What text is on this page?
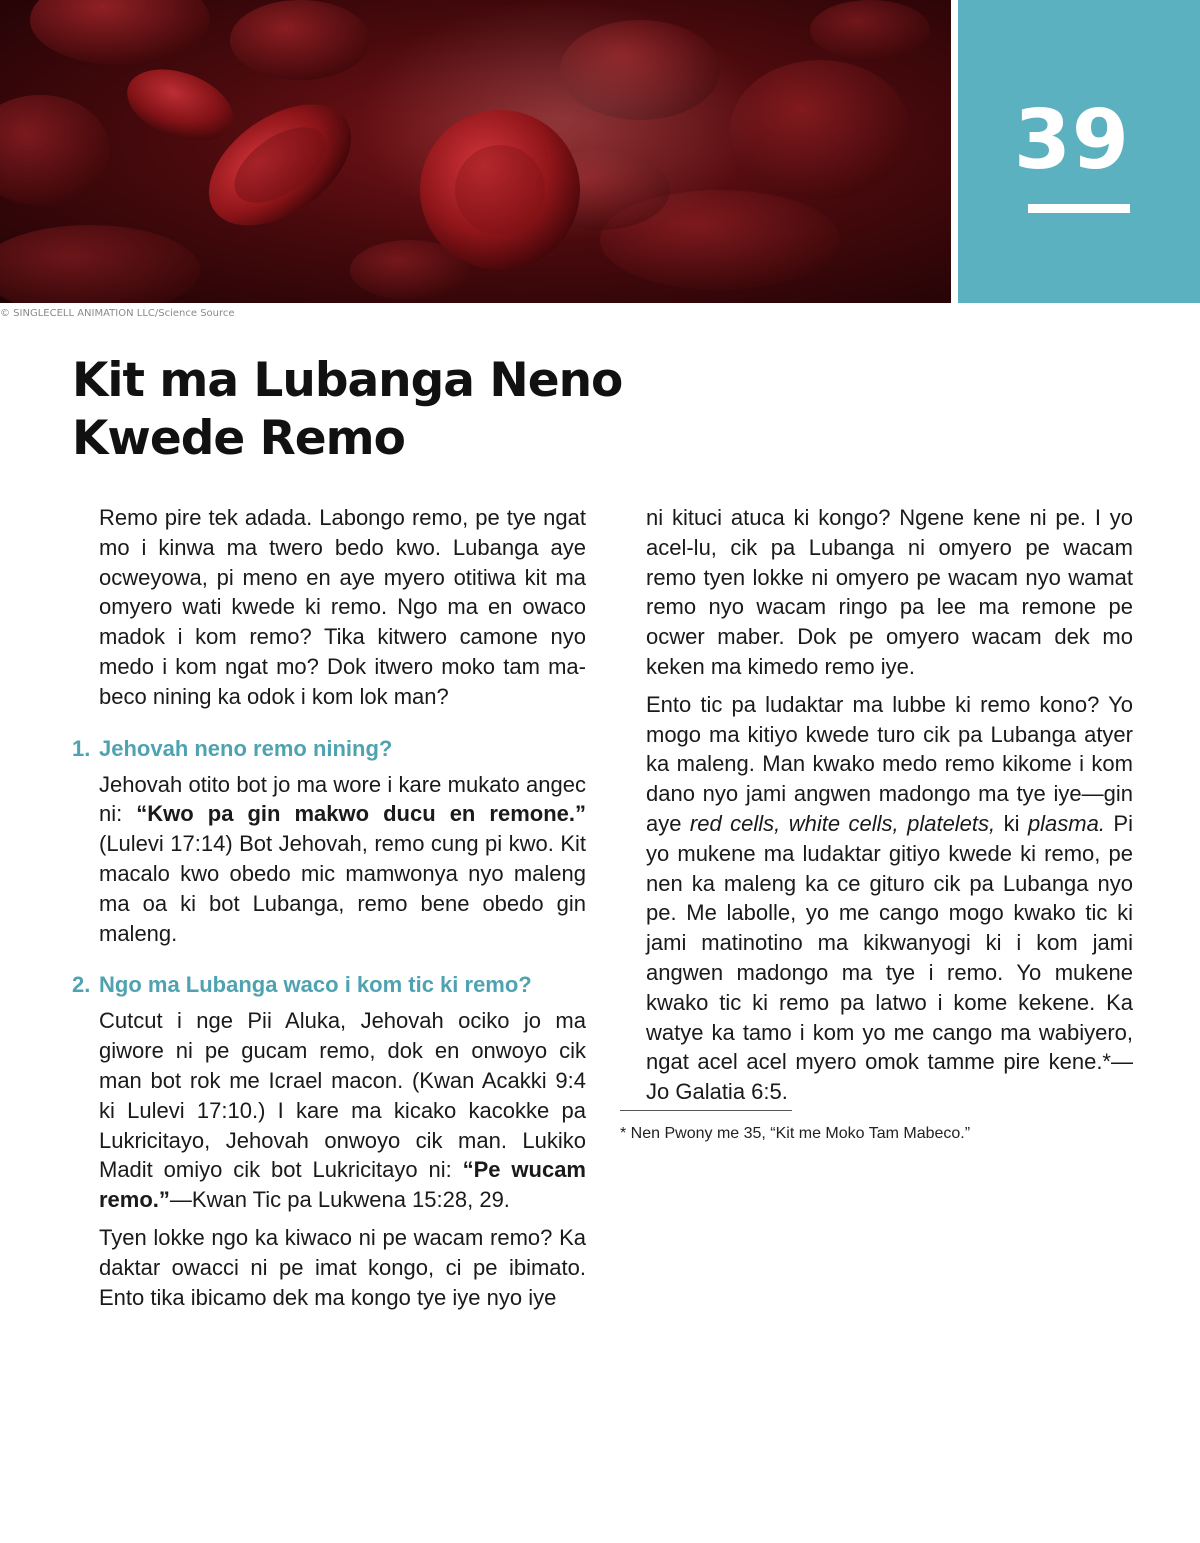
39
© SINGLECELL ANIMATION LLC/Science Source
Kit ma Lubanga Neno
Kwede Remo

Remo pire tek adada. Labongo remo, pe tye ngat mo i kinwa ma twero bedo kwo. Lubanga aye ocweyowa, pi meno en aye myero otitiwa kit ma omyero wati kwede ki remo. Ngo ma en owaco madok i kom remo? Tika kitwero camone nyo medo i kom ngat mo? Dok itwero moko tam mabeco nining ka odok i kom lok man?

1. Jehovah neno remo nining?

Jehovah otito bot jo ma wore i kare mukato angec ni: “Kwo pa gin makwo ducu en remone.” (Lulevi 17:14) Bot Jehovah, remo cung pi kwo. Kit macalo kwo obedo mic mamwonya nyo maleng ma oa ki bot Lubanga, remo bene obedo gin maleng.

2. Ngo ma Lubanga waco i kom tic ki remo?

Cutcut i nge Pii Aluka, Jehovah ociko jo ma giwore ni pe gucam remo, dok en onwoyo cik man bot rok me Icrael macon. (Kwan Acakki 9:4 ki Lulevi 17:10.) I kare ma kicako kacokke pa Lukricitayo, Jehovah onwoyo cik man. Lukiko Madit omiyo cik bot Lukricitayo ni: “Pe wucam remo.”—Kwan Tic pa Lukwena 15:28, 29.

Tyen lokke ngo ka kiwaco ni pe wacam remo? Ka daktar owacci ni pe imat kongo, ci pe ibimato. Ento tika ibicamo dek ma kongo tye iye nyo iye

ni kituci atuca ki kongo? Ngene kene ni pe. I yo acel-lu, cik pa Lubanga ni omyero pe wacam remo tyen lokke ni omyero pe wacam nyo wamat remo nyo wacam ringo pa lee ma remone pe ocwer maber. Dok pe omyero wacam dek mo keken ma kimedo remo iye.

Ento tic pa ludaktar ma lubbe ki remo kono? Yo mogo ma kitiyo kwede turo cik pa Lubanga atyer ka maleng. Man kwako medo remo kikome i kom dano nyo jami angwen madongo ma tye iye—gin aye red cells, white cells, platelets, ki plasma. Pi yo mukene ma ludaktar gitiyo kwede ki remo, pe nen ka maleng ka ce gituro cik pa Lubanga nyo pe. Me labolle, yo me cango mogo kwako tic ki jami matinotino ma kikwanyogi ki i kom jami angwen madongo ma tye i remo. Yo mukene kwako tic ki remo pa latwo i kome kekene. Ka watye ka tamo i kom yo me cango ma wabiyero, ngat acel acel myero omok tamme pire kene.*—Jo Galatia 6:5.

* Nen Pwony me 35, “Kit me Moko Tam Mabeco.”
